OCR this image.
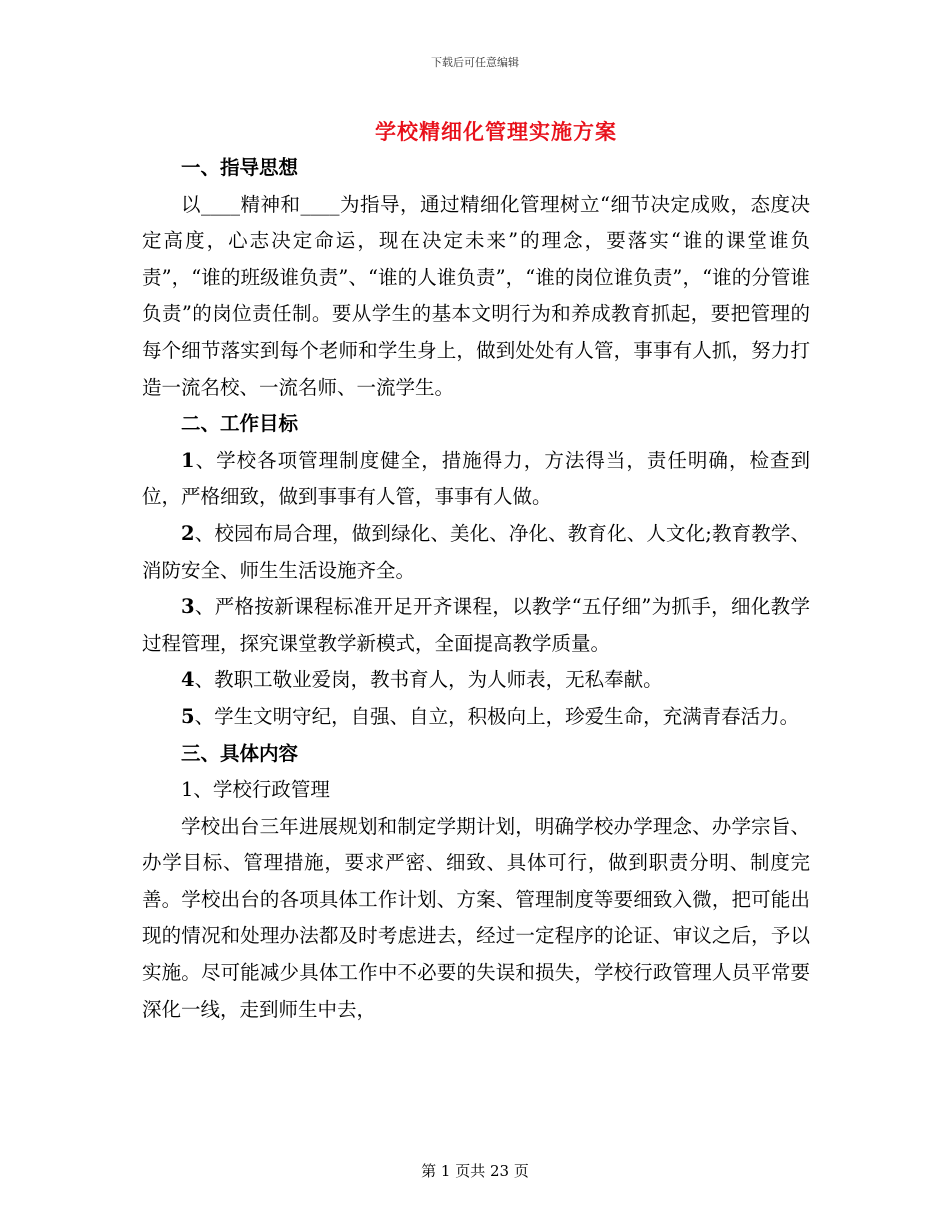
下载后可任意编辑
学校精细化管理实施方案

一、指导思想

以____精神和____为指导，通过精细化管理树立“细节决定成败，态度决定高度，心志决定命运，现在决定未来”的理念，要落实“谁的课堂谁负责”，“谁的班级谁负责”、“谁的人谁负责”，“谁的岗位谁负责”，“谁的分管谁负责”的岗位责任制。要从学生的基本文明行为和养成教育抓起，要把管理的每个细节落实到每个老师和学生身上，做到处处有人管，事事有人抓，努力打造一流名校、一流名师、一流学生。

二、工作目标

1、学校各项管理制度健全，措施得力，方法得当，责任明确，检查到位，严格细致，做到事事有人管，事事有人做。

2、校园布局合理，做到绿化、美化、净化、教育化、人文化;教育教学、消防安全、师生生活设施齐全。

3、严格按新课程标准开足开齐课程，以教学“五仔细”为抓手，细化教学过程管理，探究课堂教学新模式，全面提高教学质量。

4、教职工敬业爱岗，教书育人，为人师表，无私奉献。

5、学生文明守纪，自强、自立，积极向上，珍爱生命，充满青春活力。

三、具体内容

1、学校行政管理

学校出台三年进展规划和制定学期计划，明确学校办学理念、办学宗旨、办学目标、管理措施，要求严密、细致、具体可行，做到职责分明、制度完善。学校出台的各项具体工作计划、方案、管理制度等要细致入微，把可能出现的情况和处理办法都及时考虑进去，经过一定程序的论证、审议之后，予以实施。尽可能减少具体工作中不必要的失误和损失，学校行政管理人员平常要深化一线，走到师生中去，

第 1 页共 23 页
